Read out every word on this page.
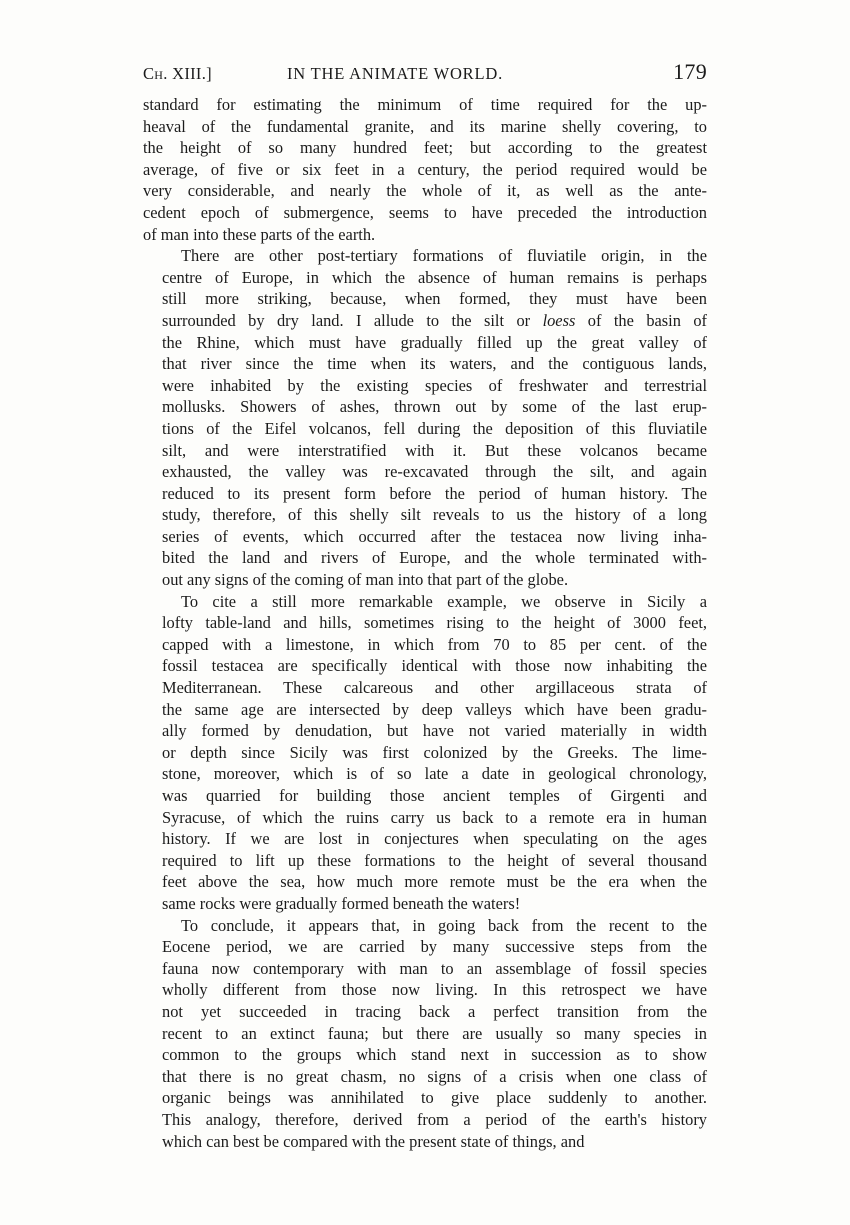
Ch. XIII.]	IN THE ANIMATE WORLD.	179
standard for estimating the minimum of time required for the up-
heaval of the fundamental granite, and its marine shelly covering, to
the height of so many hundred feet; but according to the greatest
average, of five or six feet in a century, the period required would be
very considerable, and nearly the whole of it, as well as the ante-
cedent epoch of submergence, seems to have preceded the introduction
of man into these parts of the earth.
There are other post-tertiary formations of fluviatile origin, in the
centre of Europe, in which the absence of human remains is perhaps
still more striking, because, when formed, they must have been
surrounded by dry land. I allude to the silt or loess of the basin of
the Rhine, which must have gradually filled up the great valley of
that river since the time when its waters, and the contiguous lands,
were inhabited by the existing species of freshwater and terrestrial
mollusks. Showers of ashes, thrown out by some of the last erup-
tions of the Eifel volcanos, fell during the deposition of this fluviatile
silt, and were interstratified with it. But these volcanos became
exhausted, the valley was re-excavated through the silt, and again
reduced to its present form before the period of human history. The
study, therefore, of this shelly silt reveals to us the history of a long
series of events, which occurred after the testacea now living inha-
bited the land and rivers of Europe, and the whole terminated with-
out any signs of the coming of man into that part of the globe.
To cite a still more remarkable example, we observe in Sicily a
lofty table-land and hills, sometimes rising to the height of 3000 feet,
capped with a limestone, in which from 70 to 85 per cent. of the
fossil testacea are specifically identical with those now inhabiting the
Mediterranean. These calcareous and other argillaceous strata of
the same age are intersected by deep valleys which have been gradu-
ally formed by denudation, but have not varied materially in width
or depth since Sicily was first colonized by the Greeks. The lime-
stone, moreover, which is of so late a date in geological chronology,
was quarried for building those ancient temples of Girgenti and
Syracuse, of which the ruins carry us back to a remote era in human
history. If we are lost in conjectures when speculating on the ages
required to lift up these formations to the height of several thousand
feet above the sea, how much more remote must be the era when the
same rocks were gradually formed beneath the waters!
To conclude, it appears that, in going back from the recent to the
Eocene period, we are carried by many successive steps from the
fauna now contemporary with man to an assemblage of fossil species
wholly different from those now living. In this retrospect we have
not yet succeeded in tracing back a perfect transition from the
recent to an extinct fauna; but there are usually so many species in
common to the groups which stand next in succession as to show
that there is no great chasm, no signs of a crisis when one class of
organic beings was annihilated to give place suddenly to another.
This analogy, therefore, derived from a period of the earth's history
which can best be compared with the present state of things, and
